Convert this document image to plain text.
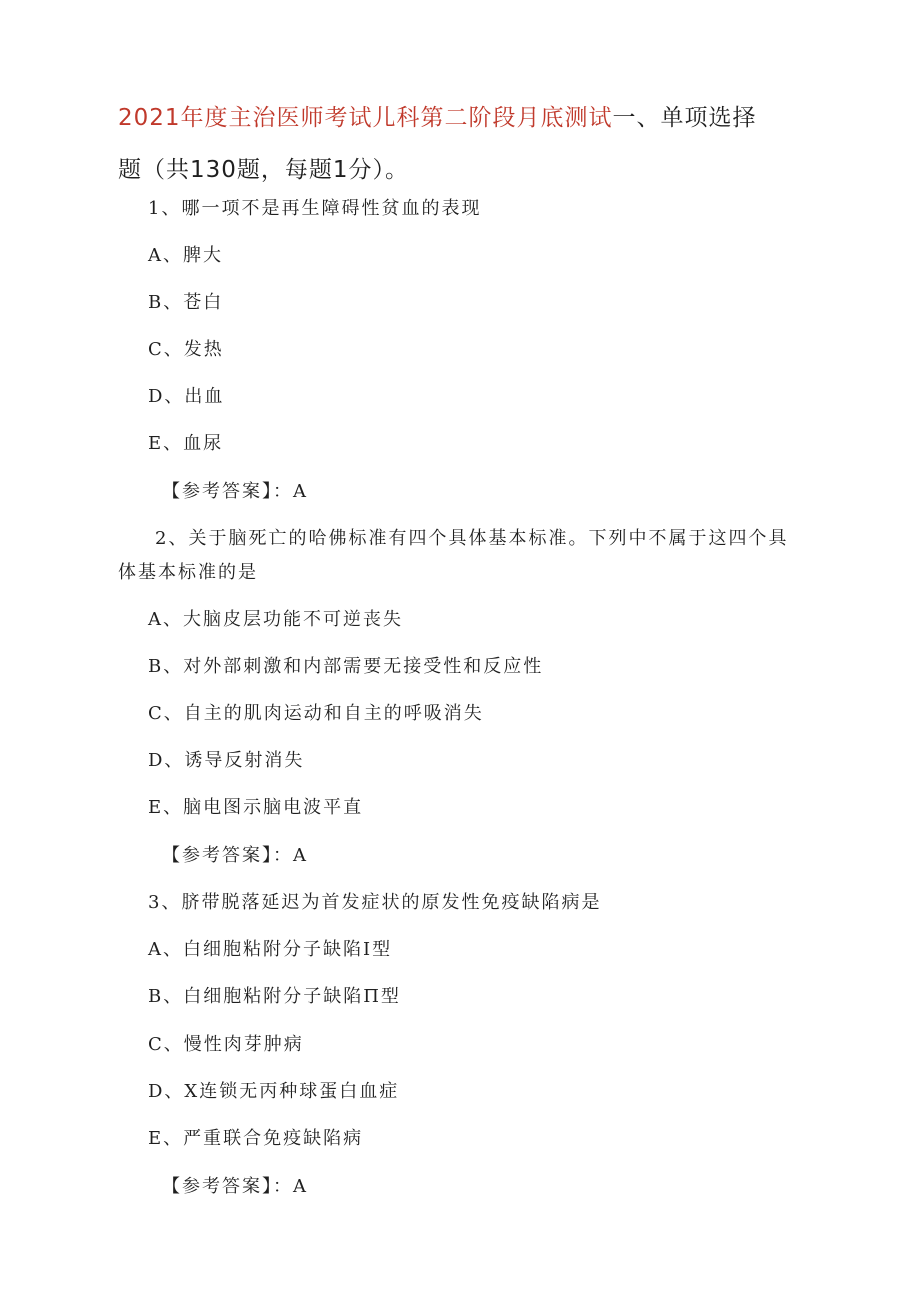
2021年度主治医师考试儿科第二阶段月底测试一、单项选择
题（共130题，每题1分）。
1、哪一项不是再生障碍性贫血的表现
A、脾大
B、苍白
C、发热
D、出血
E、血尿
【参考答案】：A
2、关于脑死亡的哈佛标准有四个具体基本标准。下列中不属于这四个具
体基本标准的是
A、大脑皮层功能不可逆丧失
B、对外部刺激和内部需要无接受性和反应性
C、自主的肌肉运动和自主的呼吸消失
D、诱导反射消失
E、脑电图示脑电波平直
【参考答案】：A
3、脐带脱落延迟为首发症状的原发性免疫缺陷病是
A、白细胞粘附分子缺陷Ⅰ型
B、白细胞粘附分子缺陷Π型
C、慢性肉芽肿病
D、X连锁无丙种球蛋白血症
E、严重联合免疫缺陷病
【参考答案】：A
